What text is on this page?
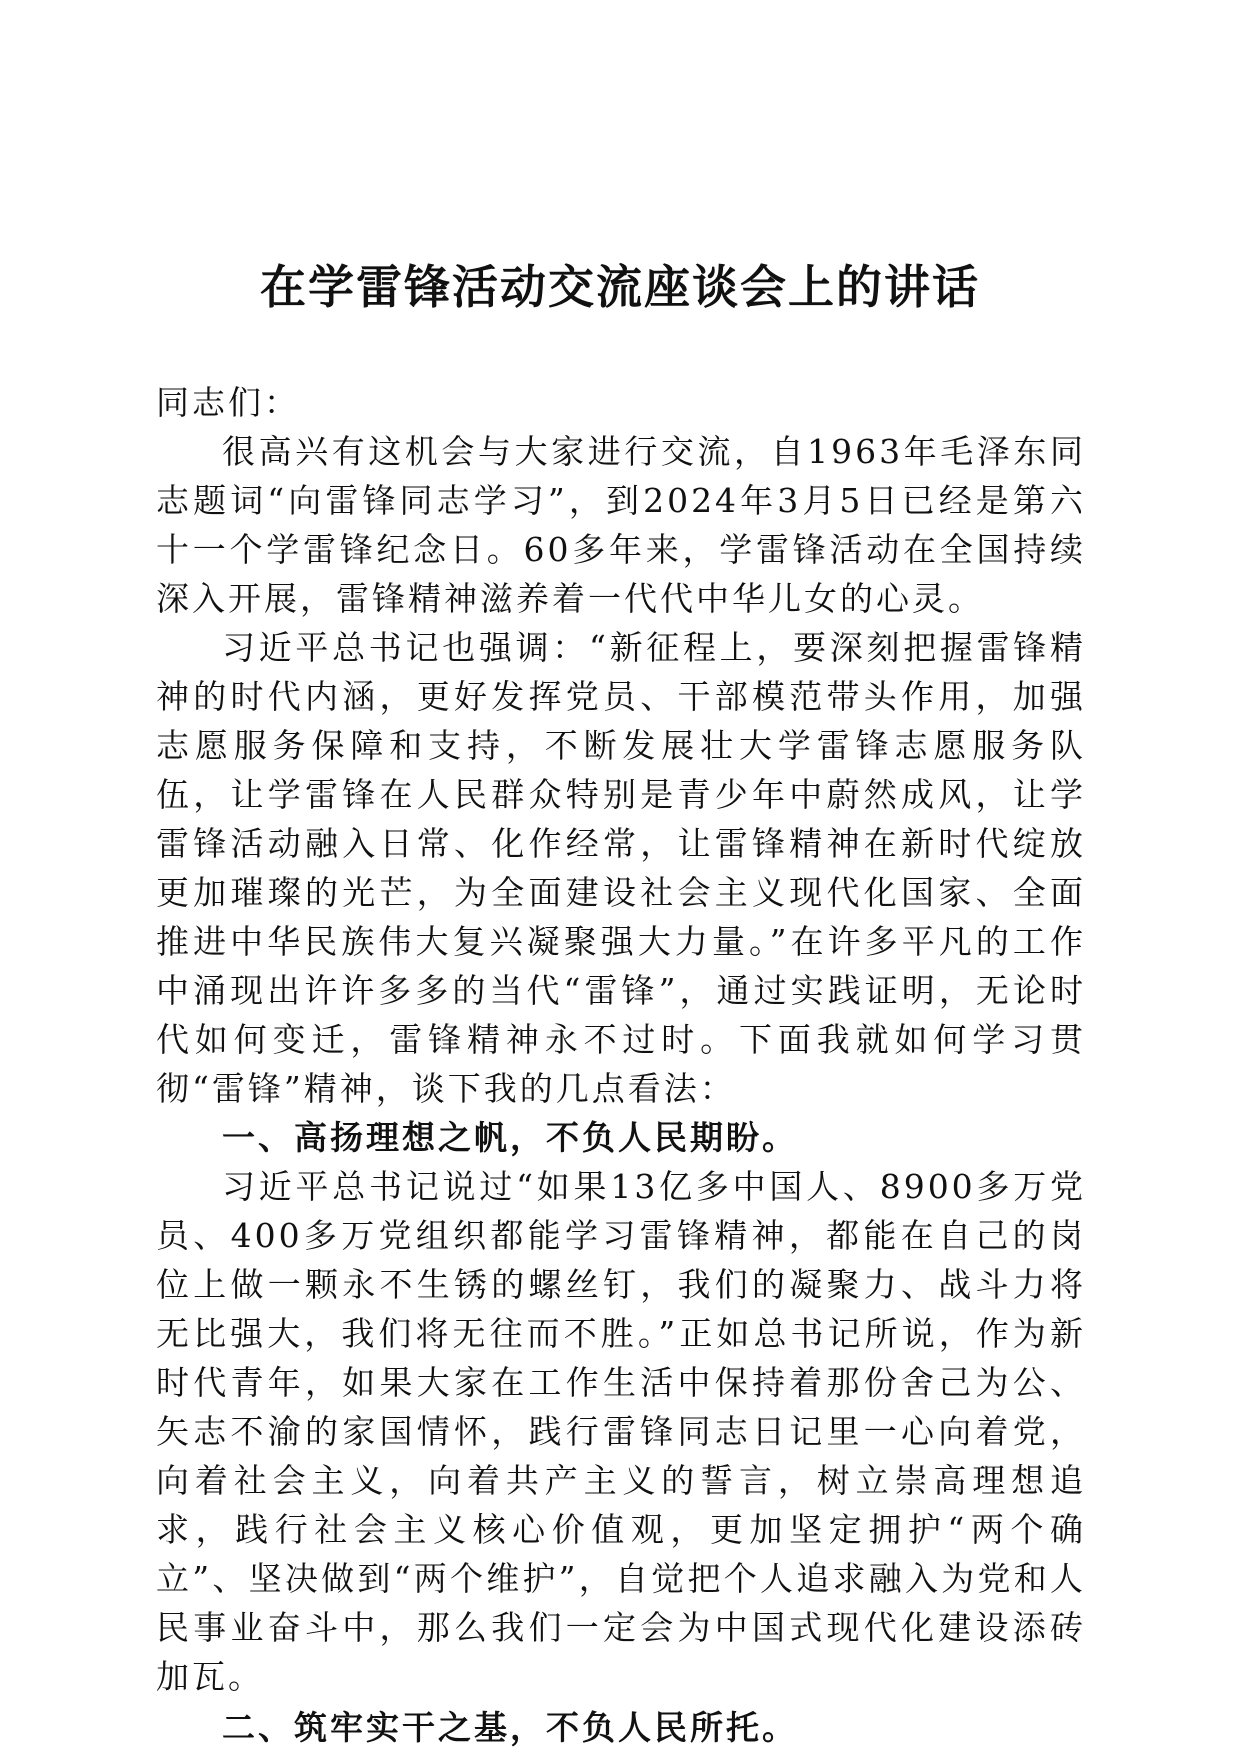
在学雷锋活动交流座谈会上的讲话

同志们：

很高兴有这机会与大家进行交流，自1963年毛泽东同志题词“向雷锋同志学习”，到2024年3月5日已经是第六十一个学雷锋纪念日。60多年来，学雷锋活动在全国持续深入开展，雷锋精神滋养着一代代中华儿女的心灵。

习近平总书记也强调：“新征程上，要深刻把握雷锋精神的时代内涵，更好发挥党员、干部模范带头作用，加强志愿服务保障和支持，不断发展壮大学雷锋志愿服务队伍，让学雷锋在人民群众特别是青少年中蔚然成风，让学雷锋活动融入日常、化作经常，让雷锋精神在新时代绽放更加璀璨的光芒，为全面建设社会主义现代化国家、全面推进中华民族伟大复兴凝聚强大力量。”在许多平凡的工作中涌现出许许多多的当代“雷锋”，通过实践证明，无论时代如何变迁，雷锋精神永不过时。下面我就如何学习贯彻“雷锋”精神，谈下我的几点看法：

一、高扬理想之帆，不负人民期盼。

习近平总书记说过“如果13亿多中国人、8900多万党员、400多万党组织都能学习雷锋精神，都能在自己的岗位上做一颗永不生锈的螺丝钉，我们的凝聚力、战斗力将无比强大，我们将无往而不胜。”正如总书记所说，作为新时代青年，如果大家在工作生活中保持着那份舍己为公、矢志不渝的家国情怀，践行雷锋同志日记里一心向着党，向着社会主义，向着共产主义的誓言，树立崇高理想追求，践行社会主义核心价值观，更加坚定拥护“两个确立”、坚决做到“两个维护”，自觉把个人追求融入为党和人民事业奋斗中，那么我们一定会为中国式现代化建设添砖加瓦。

二、筑牢实干之基，不负人民所托。
